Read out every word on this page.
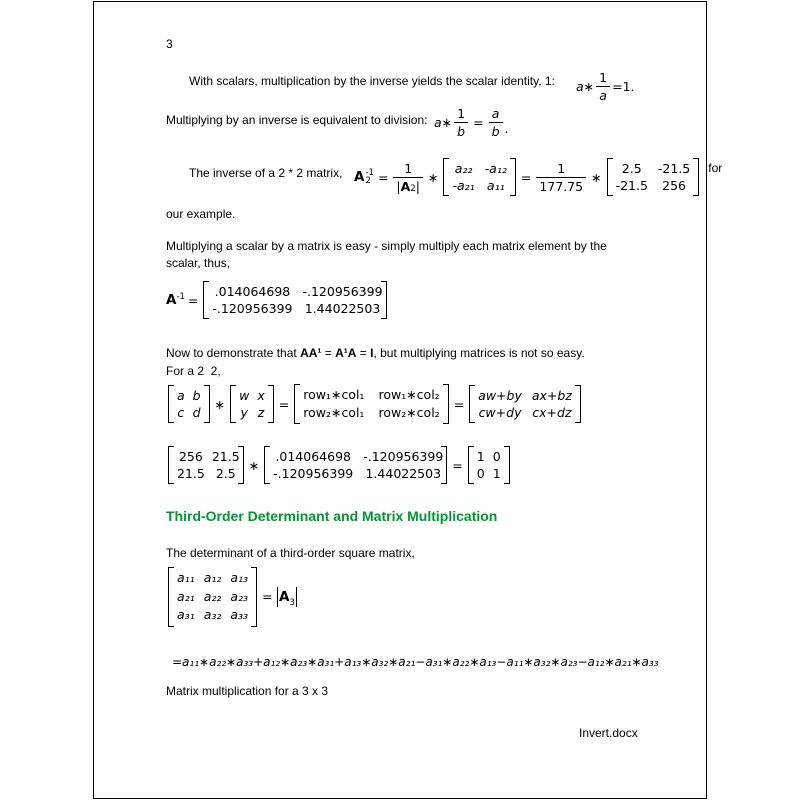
3
With scalars, multiplication by the inverse yields the scalar identity, 1: a∗ $\frac{1}{a} =1$.
Multiplying by an inverse is equivalent to division: a∗ $\frac{1}{b} = \frac{a}{b}$ .
The inverse of a 2 * 2 matrix, A -1
$2 = \frac{1}{| A 2 |}$ ∗
a₂₂ -a₁₂
-a₂₁ a₁₁
= $\frac{1}{177.75}$ ∗
2.5 -21.5
-21.5 256
for
our example.
Multiplying a scalar by a matrix is easy - simply multiply each matrix element by the scalar, thus,
$A^{-1}$ =
.014064698 -.120956399
-.120956399 1.44022503
Now to demonstrate that AA¹ = A¹A = I, but multiplying matrices is not so easy.
For a 2  2,
a b
c d
∗
w x
y z
=
row₁∗col₁ row₁∗col₂
row₂∗col₁ row₂∗col₂
=
aw+by ax+bz
cw+dy cx+dz
256 21.5
21.5 2.5
∗
.014064698 -.120956399
-.120956399 1.44022503
=
1 0
0 1
Third-Order Determinant and Matrix Multiplication
The determinant of a third-order square matrix,
a₁₁ a₁₂ a₁₃
a₂₁ a₂₂ a₂₃
a₃₁ a₃₂ a₃₃
= $A_3$
=a₁₁∗a₂₂∗a₃₃+a₁₂∗a₂₃∗a₃₁+a₁₃∗a₃₂∗a₂₁−a₃₁∗a₂₂∗a₁₃−a₁₁∗a₃₂∗a₂₃−a₁₂∗a₂₁∗a₃₃
Matrix multiplication for a 3 x 3
Invert.docx
